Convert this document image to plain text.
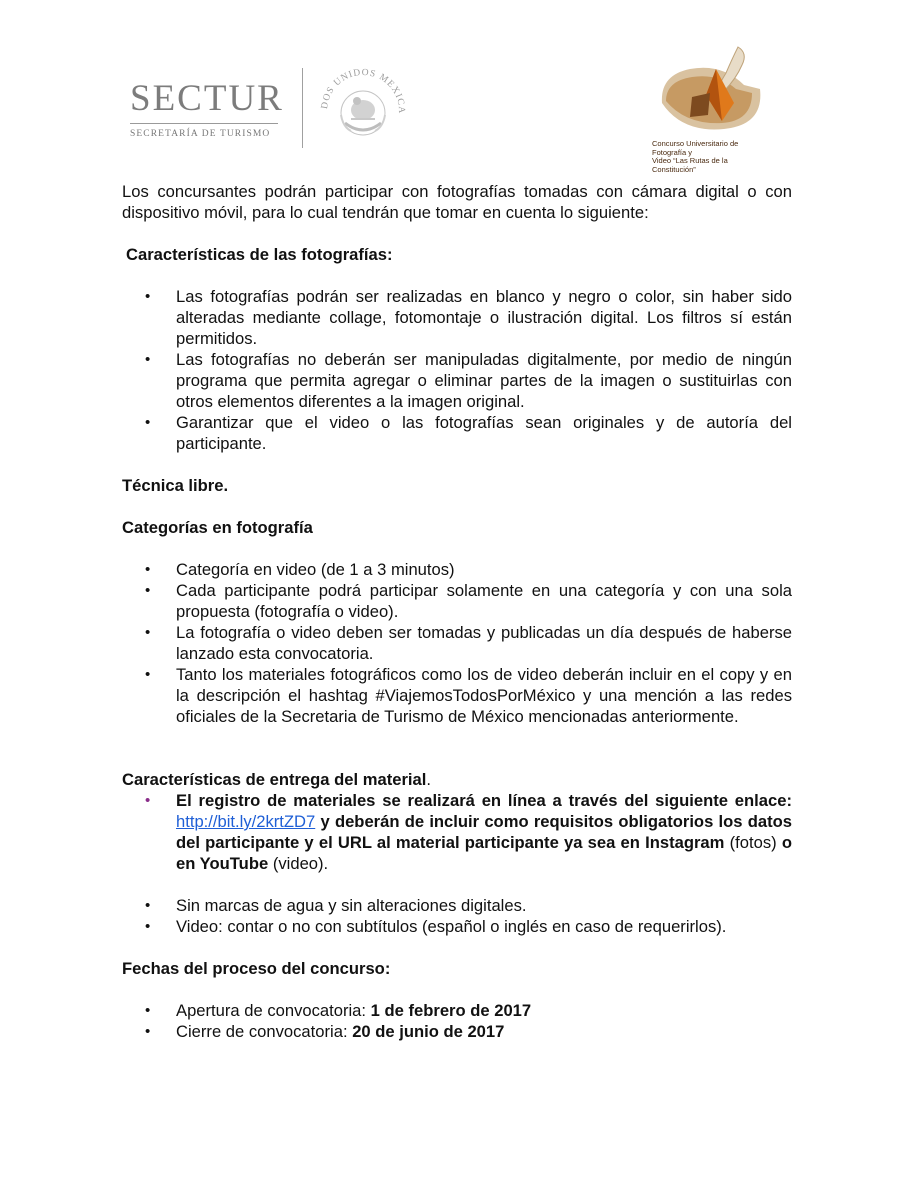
SECTUR
SECRETARÍA DE TURISMO
DOS UNIDOS MEXICA
Concurso Universitario de Fotografía y
Video “Las Rutas de la Constitución”

Los concursantes podrán participar con fotografías tomadas con cámara digital o con dispositivo móvil, para lo cual tendrán que tomar en cuenta lo siguiente:

Características de las fotografías:

• Las fotografías podrán ser realizadas en blanco y negro o color, sin haber sido alteradas mediante collage, fotomontaje o ilustración digital. Los filtros sí están permitidos.
• Las fotografías no deberán ser manipuladas digitalmente, por medio de ningún programa que permita agregar o eliminar partes de la imagen o sustituirlas con otros elementos diferentes a la imagen original.
• Garantizar que el video o las fotografías sean originales y de autoría del participante.

Técnica libre.

Categorías en fotografía

• Categoría en video (de 1 a 3 minutos)
• Cada participante podrá participar solamente en una categoría y con una sola propuesta (fotografía o video).
• La fotografía o video deben ser tomadas y publicadas un día después de haberse lanzado esta convocatoria.
• Tanto los materiales fotográficos como los de video deberán incluir en el copy y en la descripción el hashtag #ViajemosTodosPorMéxico y una mención a las redes oficiales de la Secretaria de Turismo de México mencionadas anteriormente.

Características de entrega del material.

• El registro de materiales se realizará en línea a través del siguiente enlace: http://bit.ly/2krtZD7 y deberán de incluir como requisitos obligatorios los datos del participante y el URL al material participante ya sea en Instagram (fotos) o en YouTube (video).
• Sin marcas de agua y sin alteraciones digitales.
• Video: contar o no con subtítulos (español o inglés en caso de requerirlos).

Fechas del proceso del concurso:

• Apertura de convocatoria: 1 de febrero de 2017
• Cierre de convocatoria: 20 de junio de 2017
